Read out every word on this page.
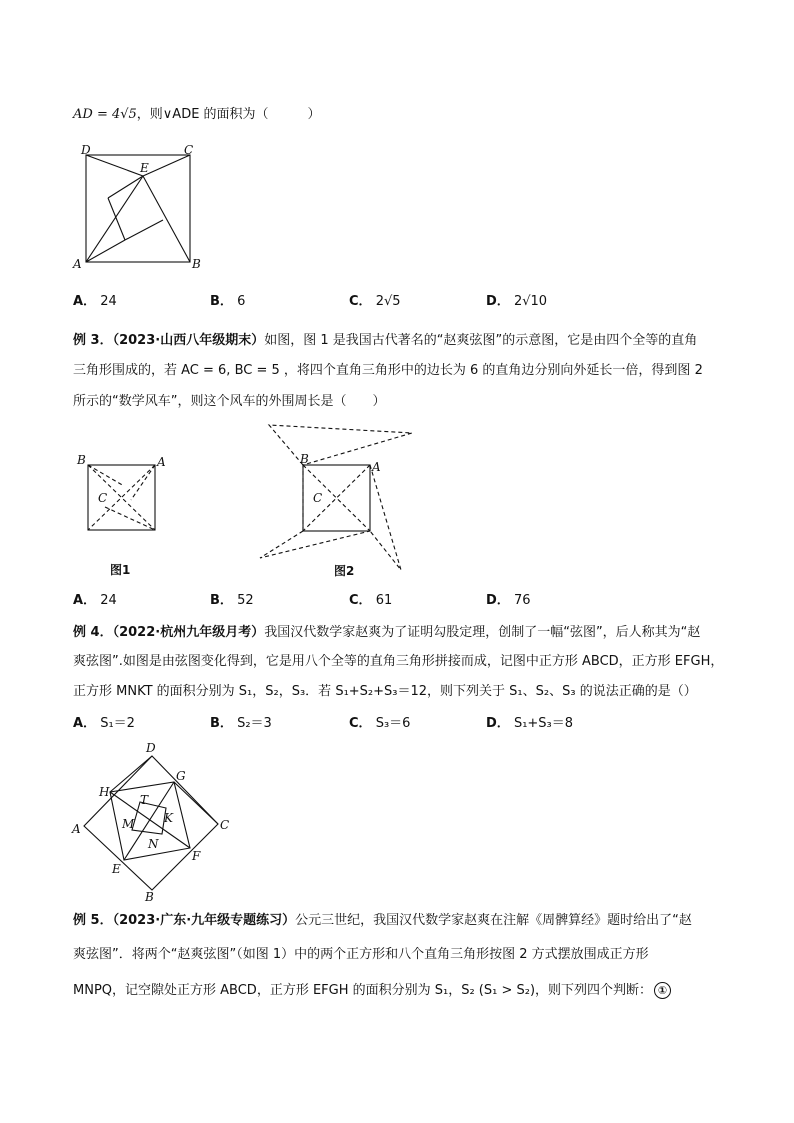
AD = 4√5，则∨ADE 的面积为（　　　）
D	C
E
A	B
A． 24	B． 6	C． 2√5	D． 2√10
例 3．（2023·山西八年级期末）如图，图 1 是我国古代著名的“赵爽弦图”的示意图，它是由四个全等的直角
三角形围成的，若 AC = 6, BC = 5 ，将四个直角三角形中的边长为 6 的直角边分别向外延长一倍，得到图 2
所示的“数学风车”，则这个风车的外围周长是（　　）
B	A
C
图1
B
A
C
图2
A． 24	B． 52	C． 61	D． 76
例 4．（2022·杭州九年级月考）我国汉代数学家赵爽为了证明勾股定理，创制了一幅“弦图”，后人称其为“赵
爽弦图”.如图是由弦图变化得到，它是用八个全等的直角三角形拼接而成，记图中正方形 ABCD，正方形 EFGH，
正方形 MNKT 的面积分别为 S₁，S₂，S₃．若 S₁+S₂+S₃＝12，则下列关于 S₁、S₂、S₃ 的说法正确的是（）
A． S₁＝2	B． S₂＝3	C． S₃＝6	D． S₁+S₃＝8
D
G
H
T
A	C
M K
N
F
E
B
例 5．（2023·广东·九年级专题练习）公元三世纪，我国汉代数学家赵爽在注解《周髀算经》题时给出了“赵
爽弦图”．将两个“赵爽弦图”（如图 1）中的两个正方形和八个直角三角形按图 2 方式摆放围成正方形
MNPQ，记空隙处正方形 ABCD，正方形 EFGH 的面积分别为 S₁，S₂ (S₁ > S₂)，则下列四个判断： ①
